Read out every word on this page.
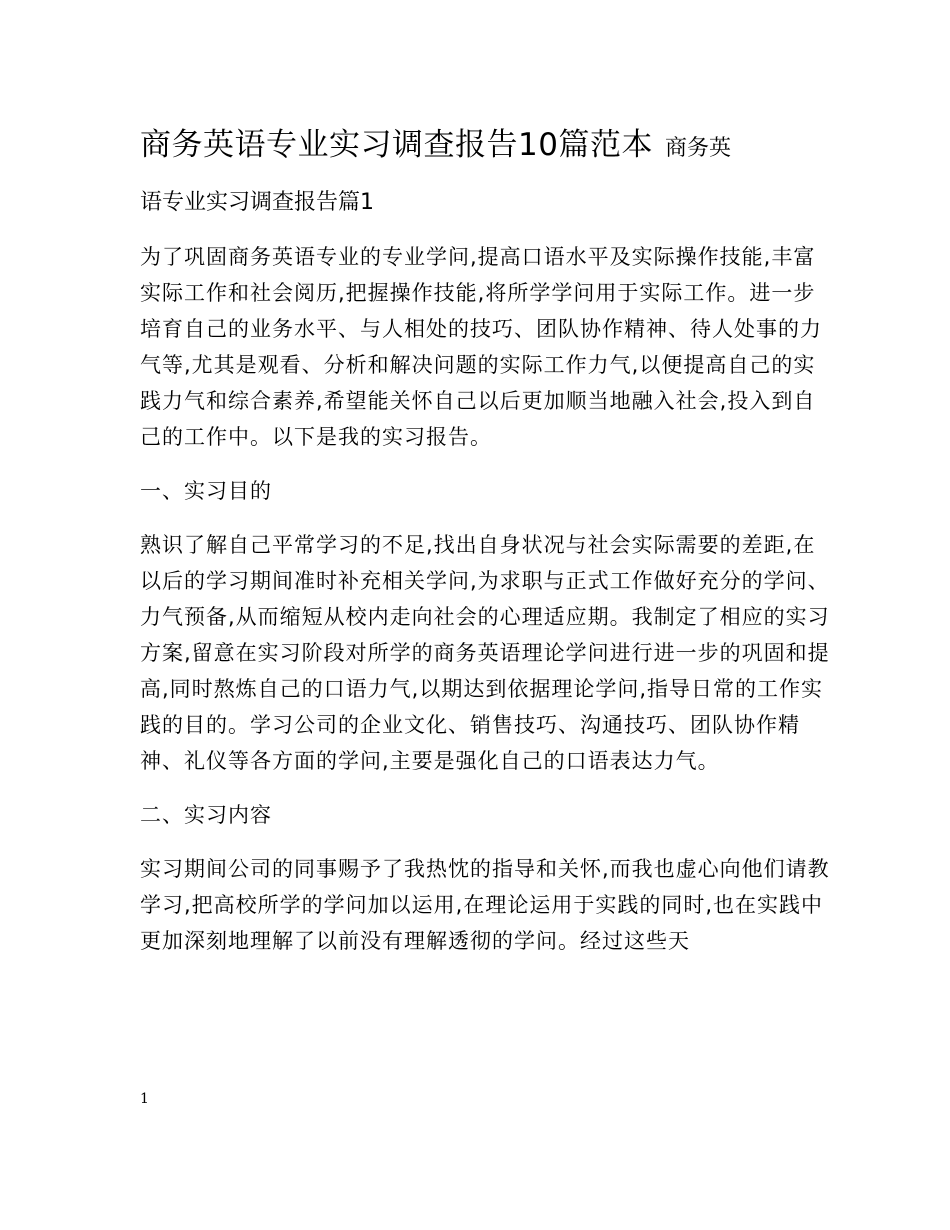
商务英语专业实习调查报告10篇范本 商务英
语专业实习调查报告篇1

为了巩固商务英语专业的专业学问,提高口语水平及实际操作技能,丰富实际工作和社会阅历,把握操作技能,将所学学问用于实际工作。进一步培育自己的业务水平、与人相处的技巧、团队协作精神、待人处事的力气等,尤其是观看、分析和解决问题的实际工作力气,以便提高自己的实践力气和综合素养,希望能关怀自己以后更加顺当地融入社会,投入到自己的工作中。以下是我的实习报告。

一、实习目的

熟识了解自己平常学习的不足,找出自身状况与社会实际需要的差距,在以后的学习期间准时补充相关学问,为求职与正式工作做好充分的学问、力气预备,从而缩短从校内走向社会的心理适应期。我制定了相应的实习方案,留意在实习阶段对所学的商务英语理论学问进行进一步的巩固和提高,同时熬炼自己的口语力气,以期达到依据理论学问,指导日常的工作实践的目的。学习公司的企业文化、销售技巧、沟通技巧、团队协作精神、礼仪等各方面的学问,主要是强化自己的口语表达力气。

二、实习内容

实习期间公司的同事赐予了我热忱的指导和关怀,而我也虚心向他们请教学习,把高校所学的学问加以运用,在理论运用于实践的同时,也在实践中更加深刻地理解了以前没有理解透彻的学问。经过这些天

1
